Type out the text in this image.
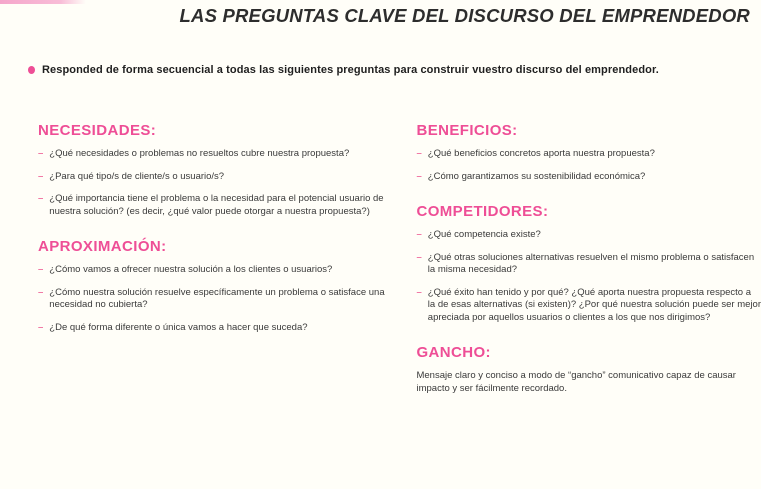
LAS PREGUNTAS CLAVE DEL DISCURSO DEL EMPRENDEDOR
Responded de forma secuencial a todas las siguientes preguntas para construir vuestro discurso del emprendedor.
NECESIDADES:
– ¿Qué necesidades o problemas no resueltos cubre nuestra propuesta?
– ¿Para qué tipo/s de cliente/s o usuario/s?
– ¿Qué importancia tiene el problema o la necesidad para el potencial usuario de nuestra solución? (es decir, ¿qué valor puede otorgar a nuestra propuesta?)
APROXIMACIÓN:
– ¿Cómo vamos a ofrecer nuestra solución a los clientes o usuarios?
– ¿Cómo nuestra solución resuelve específicamente un problema o satisface una necesidad no cubierta?
– ¿De qué forma diferente o única vamos a hacer que suceda?
BENEFICIOS:
– ¿Qué beneficios concretos aporta nuestra propuesta?
– ¿Cómo garantizamos su sostenibilidad económica?
COMPETIDORES:
– ¿Qué competencia existe?
– ¿Qué otras soluciones alternativas resuelven el mismo problema o satisfacen la misma necesidad?
– ¿Qué éxito han tenido y por qué? ¿Qué aporta nuestra propuesta respecto a la de esas alternativas (si existen)? ¿Por qué nuestra solución puede ser mejor apreciada por aquellos usuarios o clientes a los que nos dirigimos?
GANCHO:

Mensaje claro y conciso a modo de “gancho” comunicativo capaz de causar impacto y ser fácilmente recordado.
